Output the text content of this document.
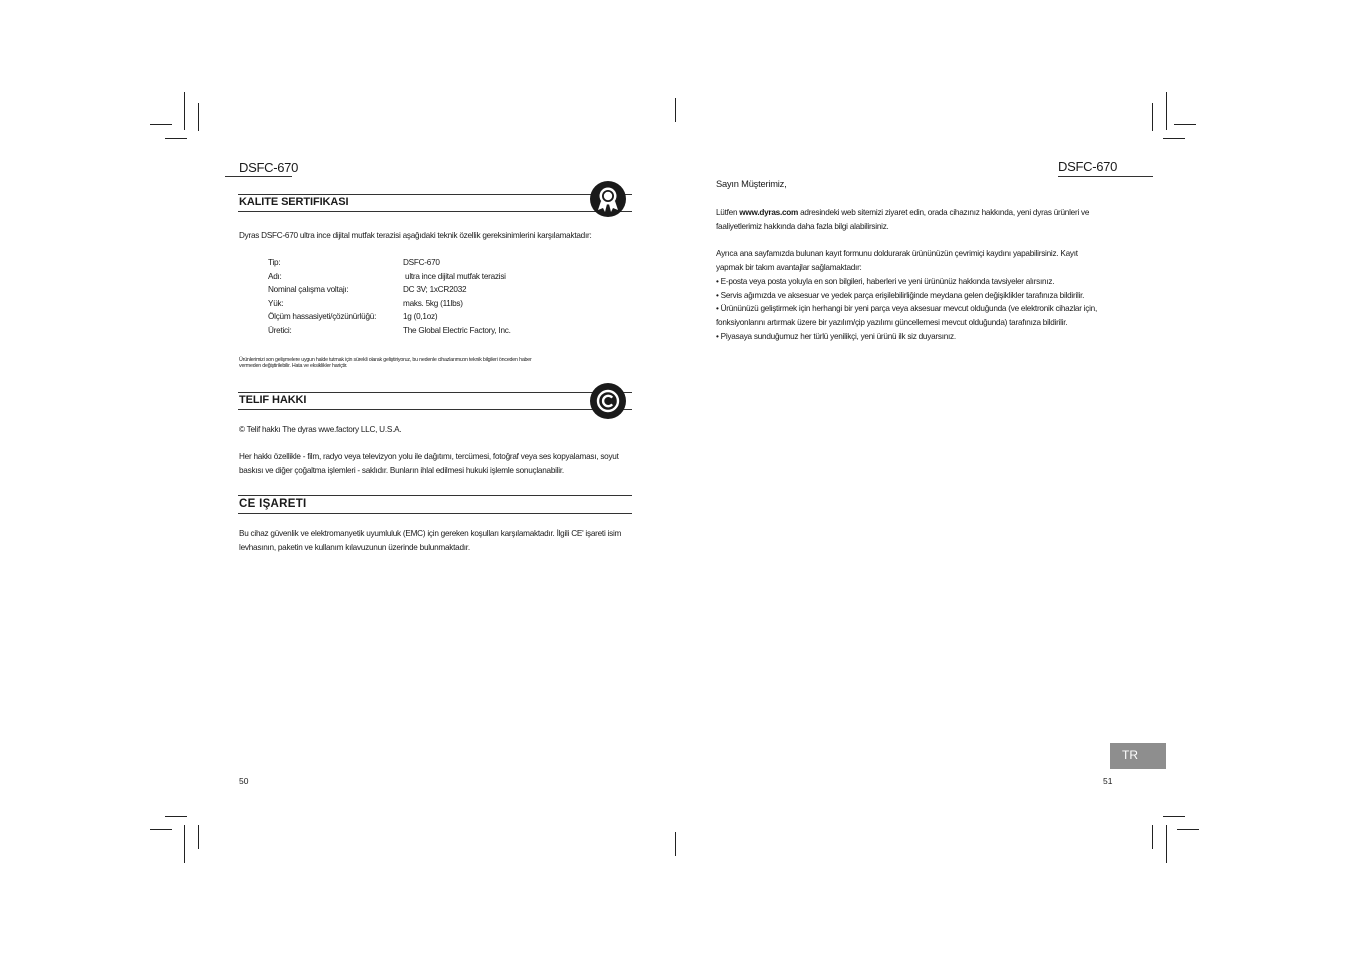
DSFC-670
KALITE SERTIFIKASI
Dyras DSFC-670 ultra ince dijital mutfak terazisi aşağıdaki teknik özellik gereksinimlerini karşılamaktadır:
Tip:	DSFC-670
Adı:	ultra ince dijital mutfak terazisi
Nominal çalışma voltajı:	DC 3V; 1xCR2032
Yük:	maks. 5kg (11lbs)
Ölçüm hassasiyeti/çözünürlüğü:	1g (0,1oz)
Üretici:	The Global Electric Factory, Inc.
Ürünlerimizi son gelişmelere uygun halde tutmak için sürekli olarak geliştiriyoruz, bu nedenle cihazlarımızın teknik bilgileri önceden haber
vermeden değiştirilebilir. Hata ve eksiklikler hariçtir.
TELIF HAKKI
© Telif hakkı The dyras wwe.factory LLC, U.S.A.
Her hakkı özellikle - film, radyo veya televizyon yolu ile dağıtımı, tercümesi, fotoğraf veya ses kopyalaması, soyut
baskısı ve diğer çoğaltma işlemleri - saklıdır. Bunların ihlal edilmesi hukuki işlemle sonuçlanabilir.
CE IŞARETI
Bu cihaz güvenlik ve elektromanyetik uyumluluk (EMC) için gereken koşulları karşılamaktadır. İlgili CE' işareti isim
levhasının, paketin ve kullanım kılavuzunun üzerinde bulunmaktadır.
50
DSFC-670
Sayın Müşterimiz,
Lütfen www.dyras.com adresindeki web sitemizi ziyaret edin, orada cihazınız hakkında, yeni dyras ürünleri ve
faaliyetlerimiz hakkında daha fazla bilgi alabilirsiniz.
Ayrıca ana sayfamızda bulunan kayıt formunu doldurarak ürününüzün çevrimiçi kaydını yapabilirsiniz. Kayıt
yapmak bir takım avantajlar sağlamaktadır:
• E-posta veya posta yoluyla en son bilgileri, haberleri ve yeni ürününüz hakkında tavsiyeler alırsınız.
• Servis ağımızda ve aksesuar ve yedek parça erişilebilirliğinde meydana gelen değişiklikler tarafınıza bildirilir.
• Ürününüzü geliştirmek için herhangi bir yeni parça veya aksesuar mevcut olduğunda (ve elektronik cihazlar için,
fonksiyonlarını artırmak üzere bir yazılım/çip yazılımı güncellemesi mevcut olduğunda) tarafınıza bildirilir.
• Piyasaya sunduğumuz her türlü yenilikçi, yeni ürünü ilk siz duyarsınız.
TR
51
